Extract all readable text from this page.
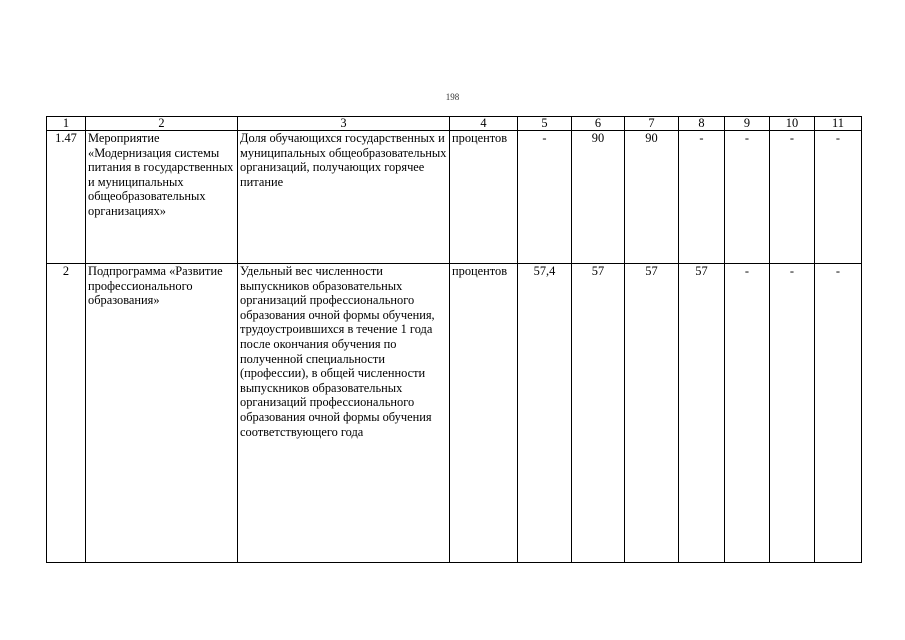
198
1	2	3	4	5	6	7	8	9	10	11
1.47	Мероприятие «Модернизация системы питания в государственных и муниципальных общеобразовательных организациях»	Доля обучающихся государственных и муниципальных общеобразовательных организаций, получающих горячее питание	процентов	-	90	90	-	-	-	-
2	Подпрограмма «Развитие профессионального образования»	Удельный вес численности выпускников образовательных организаций профессионального образования очной формы обучения, трудоустроившихся в течение 1 года после окончания обучения по полученной специальности (профессии), в общей численности выпускников образовательных организаций профессионального образования очной формы обучения соответствующего года	процентов	57,4	57	57	57	-	-	-
